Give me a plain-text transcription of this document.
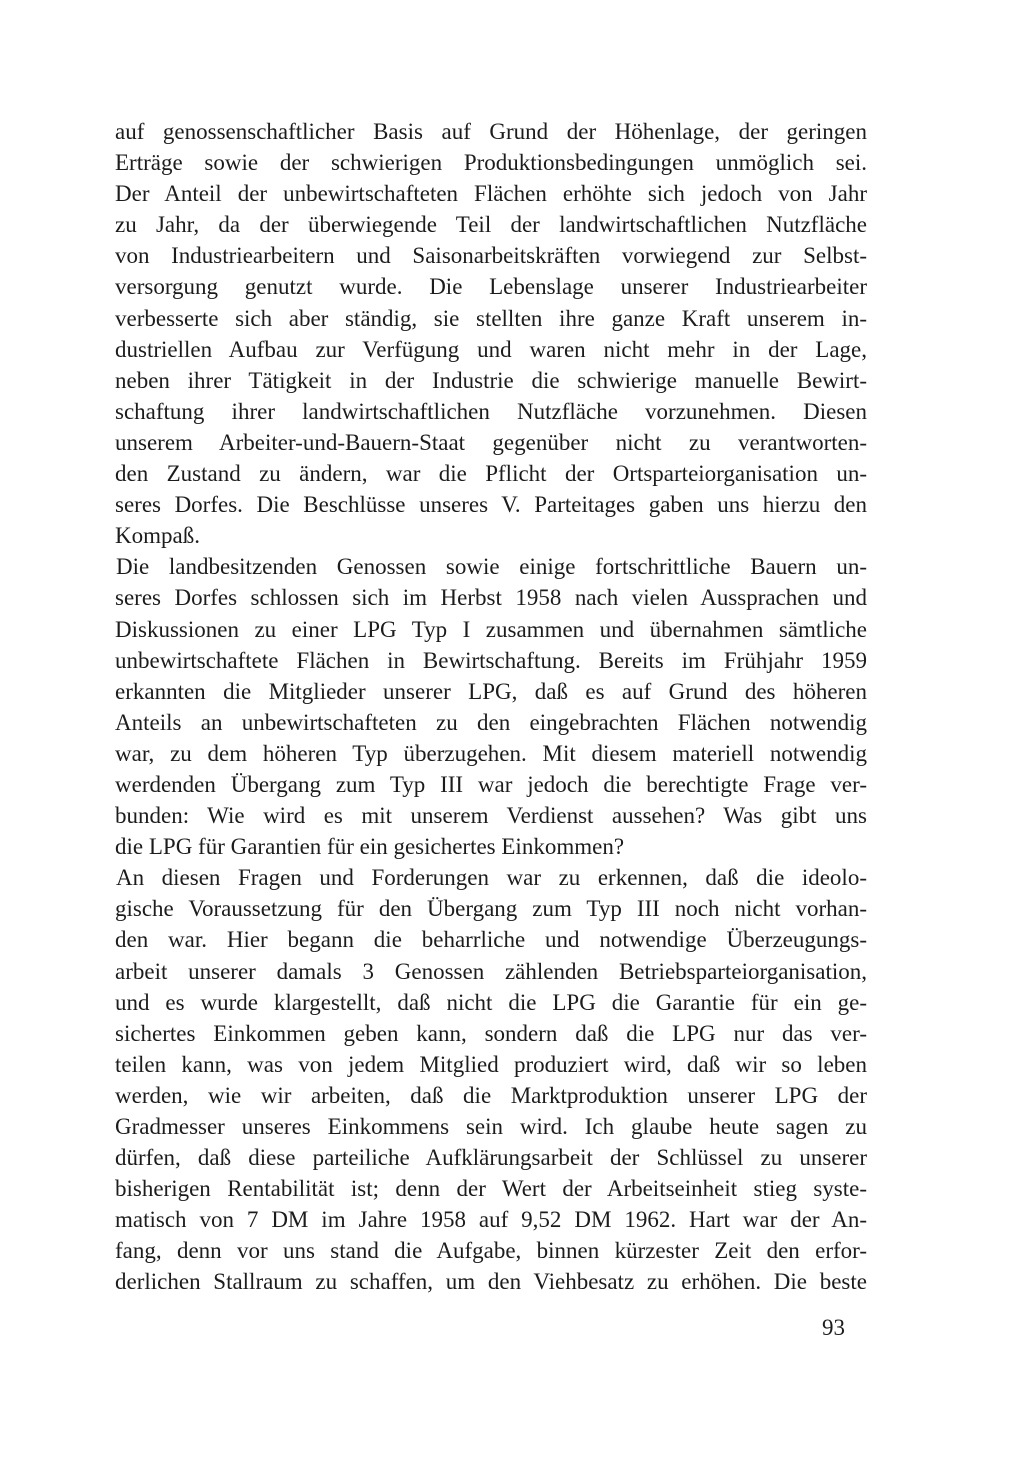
auf genossenschaftlicher Basis auf Grund der Höhenlage, der geringen
Erträge sowie der schwierigen Produktionsbedingungen unmöglich sei.
Der Anteil der unbewirtschafteten Flächen erhöhte sich jedoch von Jahr
zu Jahr, da der überwiegende Teil der landwirtschaftlichen Nutzfläche
von Industriearbeitern und Saisonarbeitskräften vorwiegend zur Selbst-
versorgung genutzt wurde. Die Lebenslage unserer Industriearbeiter
verbesserte sich aber ständig, sie stellten ihre ganze Kraft unserem in-
dustriellen Aufbau zur Verfügung und waren nicht mehr in der Lage,
neben ihrer Tätigkeit in der Industrie die schwierige manuelle Bewirt-
schaftung ihrer landwirtschaftlichen Nutzfläche vorzunehmen. Diesen
unserem Arbeiter-und-Bauern-Staat gegenüber nicht zu verantworten-
den Zustand zu ändern, war die Pflicht der Ortsparteiorganisation un-
seres Dorfes. Die Beschlüsse unseres V. Parteitages gaben uns hierzu den
Kompaß.
Die landbesitzenden Genossen sowie einige fortschrittliche Bauern un-
seres Dorfes schlossen sich im Herbst 1958 nach vielen Aussprachen und
Diskussionen zu einer LPG Typ I zusammen und übernahmen sämtliche
unbewirtschaftete Flächen in Bewirtschaftung. Bereits im Frühjahr 1959
erkannten die Mitglieder unserer LPG, daß es auf Grund des höheren
Anteils an unbewirtschafteten zu den eingebrachten Flächen notwendig
war, zu dem höheren Typ überzugehen. Mit diesem materiell notwendig
werdenden Übergang zum Typ III war jedoch die berechtigte Frage ver-
bunden: Wie wird es mit unserem Verdienst aussehen? Was gibt uns
die LPG für Garantien für ein gesichertes Einkommen?
An diesen Fragen und Forderungen war zu erkennen, daß die ideolo-
gische Voraussetzung für den Übergang zum Typ III noch nicht vorhan-
den war. Hier begann die beharrliche und notwendige Überzeugungs-
arbeit unserer damals 3 Genossen zählenden Betriebsparteiorganisation,
und es wurde klargestellt, daß nicht die LPG die Garantie für ein ge-
sichertes Einkommen geben kann, sondern daß die LPG nur das ver-
teilen kann, was von jedem Mitglied produziert wird, daß wir so leben
werden, wie wir arbeiten, daß die Marktproduktion unserer LPG der
Gradmesser unseres Einkommens sein wird. Ich glaube heute sagen zu
dürfen, daß diese parteiliche Aufklärungsarbeit der Schlüssel zu unserer
bisherigen Rentabilität ist; denn der Wert der Arbeitseinheit stieg syste-
matisch von 7 DM im Jahre 1958 auf 9,52 DM 1962. Hart war der An-
fang, denn vor uns stand die Aufgabe, binnen kürzester Zeit den erfor-
derlichen Stallraum zu schaffen, um den Viehbesatz zu erhöhen. Die beste
93
